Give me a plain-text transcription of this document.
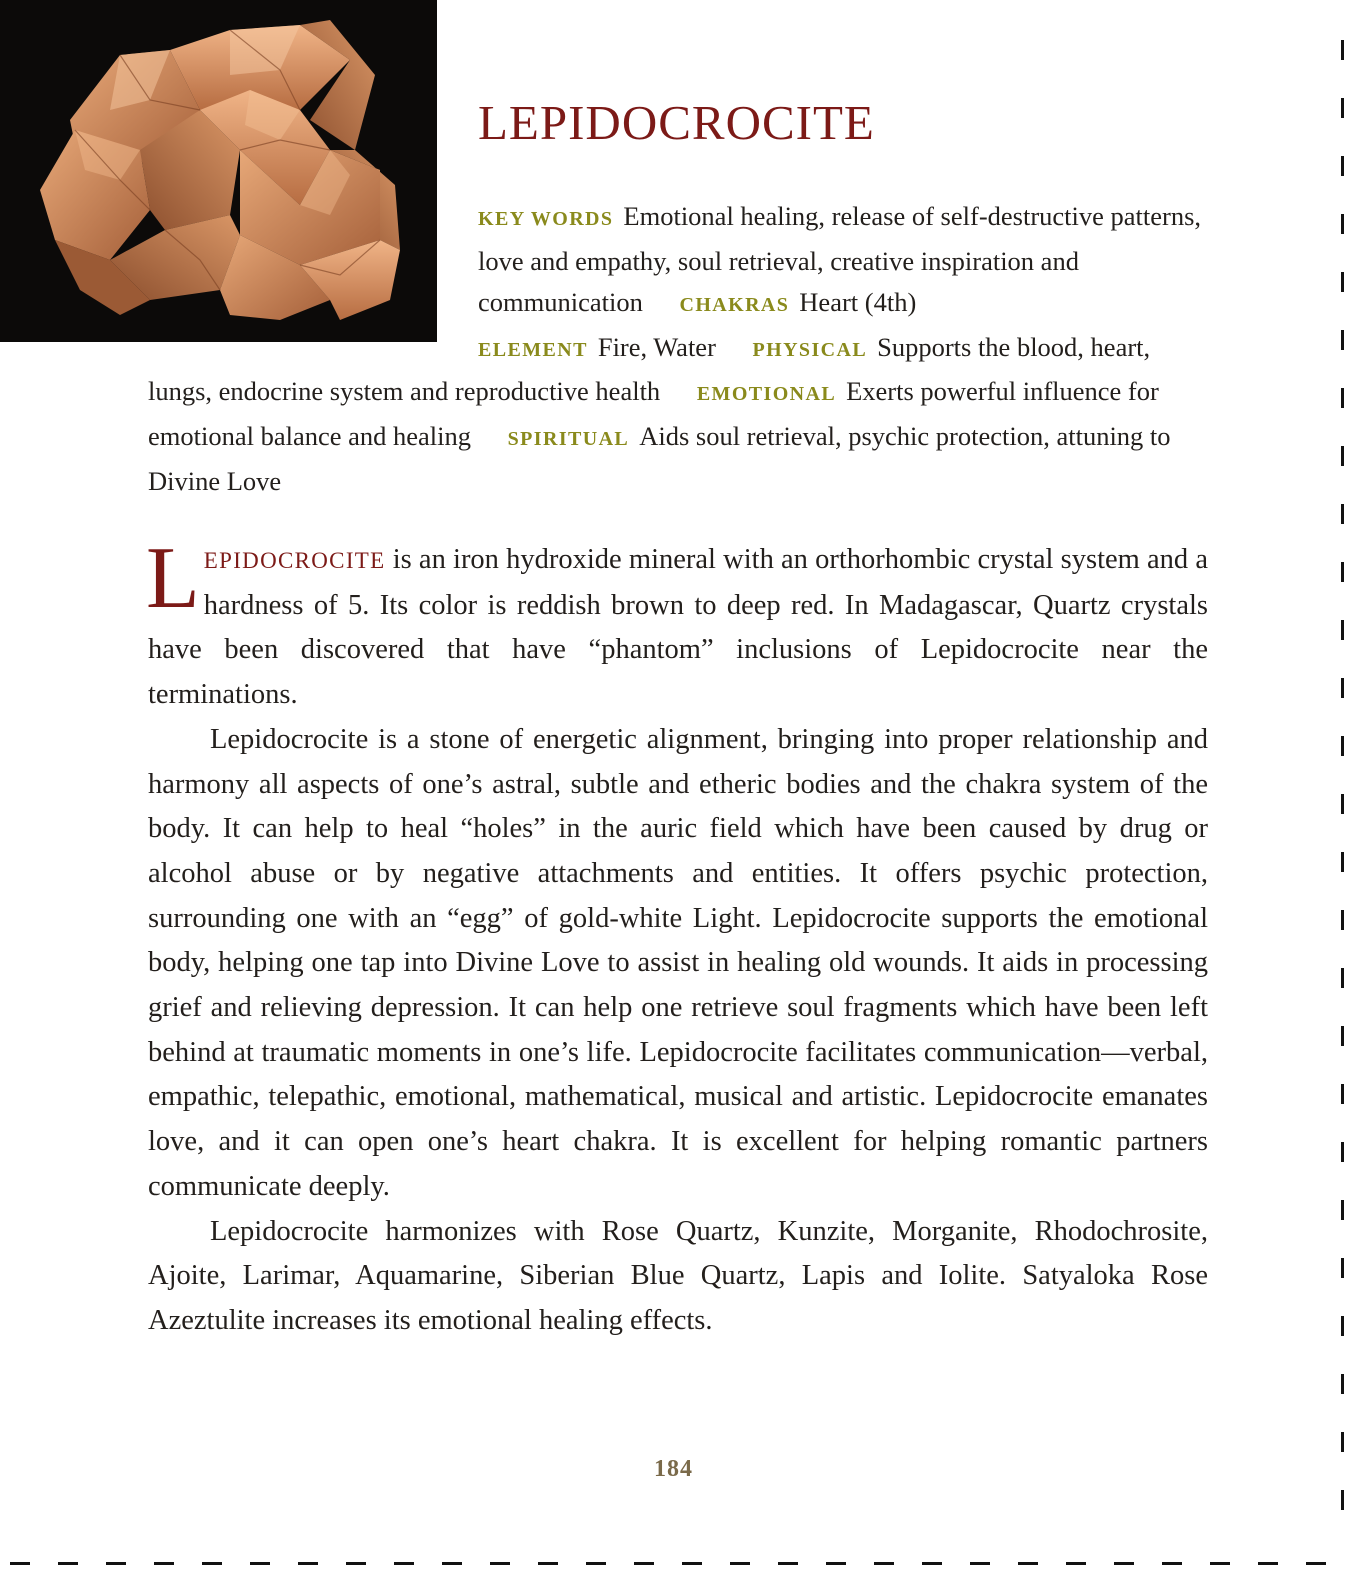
LEPIDOCROCITE
KEY WORDS Emotional healing, release of self-destructive patterns, love and empathy, soul retrieval, creative inspiration and communication CHAKRAS Heart (4th)
ELEMENT Fire, Water PHYSICAL Supports the blood, heart, lungs, endocrine system and reproductive health EMOTIONAL Exerts powerful influence for emotional balance and healing SPIRITUAL Aids soul retrieval, psychic protection, attuning to Divine Love

LEPIDOCROCITE is an iron hydroxide mineral with an orthorhombic crystal system and a hardness of 5. Its color is reddish brown to deep red. In Madagascar, Quartz crystals have been discovered that have “phantom” inclusions of Lepidocrocite near the terminations.

Lepidocrocite is a stone of energetic alignment, bringing into proper relationship and harmony all aspects of one’s astral, subtle and etheric bodies and the chakra system of the body. It can help to heal “holes” in the auric field which have been caused by drug or alcohol abuse or by negative attachments and entities. It offers psychic protection, surrounding one with an “egg” of gold-white Light. Lepidocrocite supports the emotional body, helping one tap into Divine Love to assist in healing old wounds. It aids in processing grief and relieving depression. It can help one retrieve soul fragments which have been left behind at traumatic moments in one’s life. Lepidocrocite facilitates communication—verbal, empathic, telepathic, emotional, mathematical, musical and artistic. Lepidocrocite emanates love, and it can open one’s heart chakra. It is excellent for helping romantic partners communicate deeply.

Lepidocrocite harmonizes with Rose Quartz, Kunzite, Morganite, Rhodochrosite, Ajoite, Larimar, Aquamarine, Siberian Blue Quartz, Lapis and Iolite. Satyaloka Rose Azeztulite increases its emotional healing effects.

184
